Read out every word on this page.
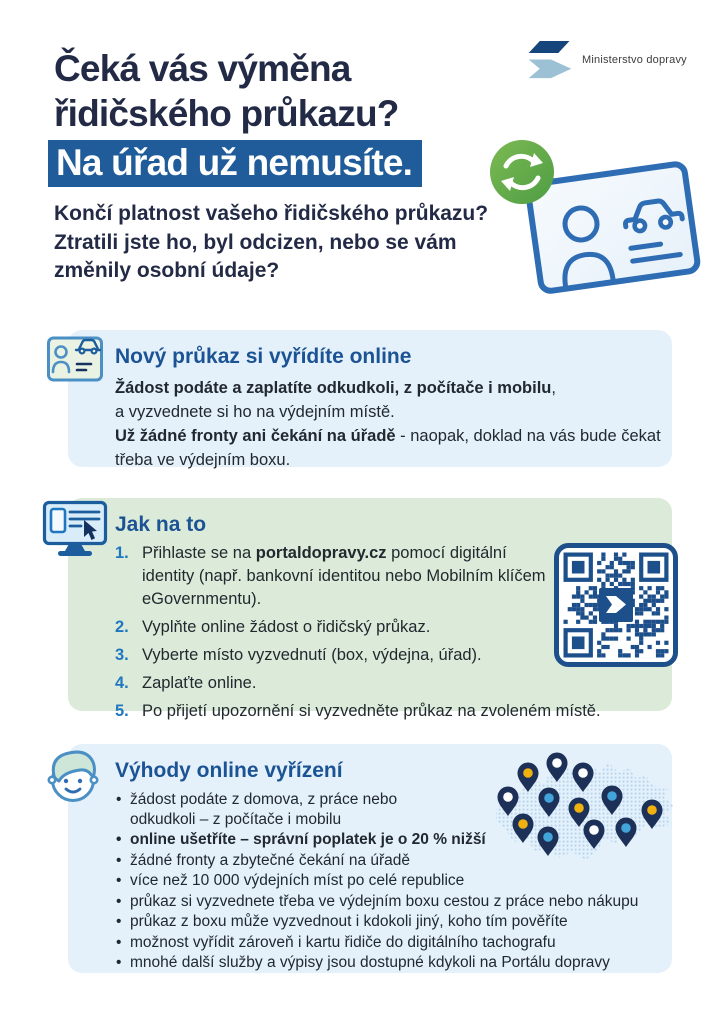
Ministerstvo dopravy
Čeká vás výměna
řidičského průkazu?
Na úřad už nemusíte.
Končí platnost vašeho řidičského průkazu?
Ztratili jste ho, byl odcizen, nebo se vám
změnily osobní údaje?
Nový průkaz si vyřídíte online
Žádost podáte a zaplatíte odkudkoli, z počítače i mobilu,
a vyzvednete si ho na výdejním místě.
Už žádné fronty ani čekání na úřadě - naopak, doklad na vás bude čekat třeba ve výdejním boxu.
Jak na to
1. Přihlaste se na portaldopravy.cz pomocí digitální identity (např. bankovní identitou nebo Mobilním klíčem eGovernmentu).
2. Vyplňte online žádost o řidičský průkaz.
3. Vyberte místo vyzvednutí (box, výdejna, úřad).
4. Zaplaťte online.
5. Po přijetí upozornění si vyzvedněte průkaz na zvoleném místě.
Výhody online vyřízení
• žádost podáte z domova, z práce nebo odkudkoli – z počítače i mobilu
• online ušetříte – správní poplatek je o 20 % nižší
• žádné fronty a zbytečné čekání na úřadě
• více než 10 000 výdejních míst po celé republice
• průkaz si vyzvednete třeba ve výdejním boxu cestou z práce nebo nákupu
• průkaz z boxu může vyzvednout i kdokoli jiný, koho tím pověříte
• možnost vyřídit zároveň i kartu řidiče do digitálního tachografu
• mnohé další služby a výpisy jsou dostupné kdykoli na Portálu dopravy
